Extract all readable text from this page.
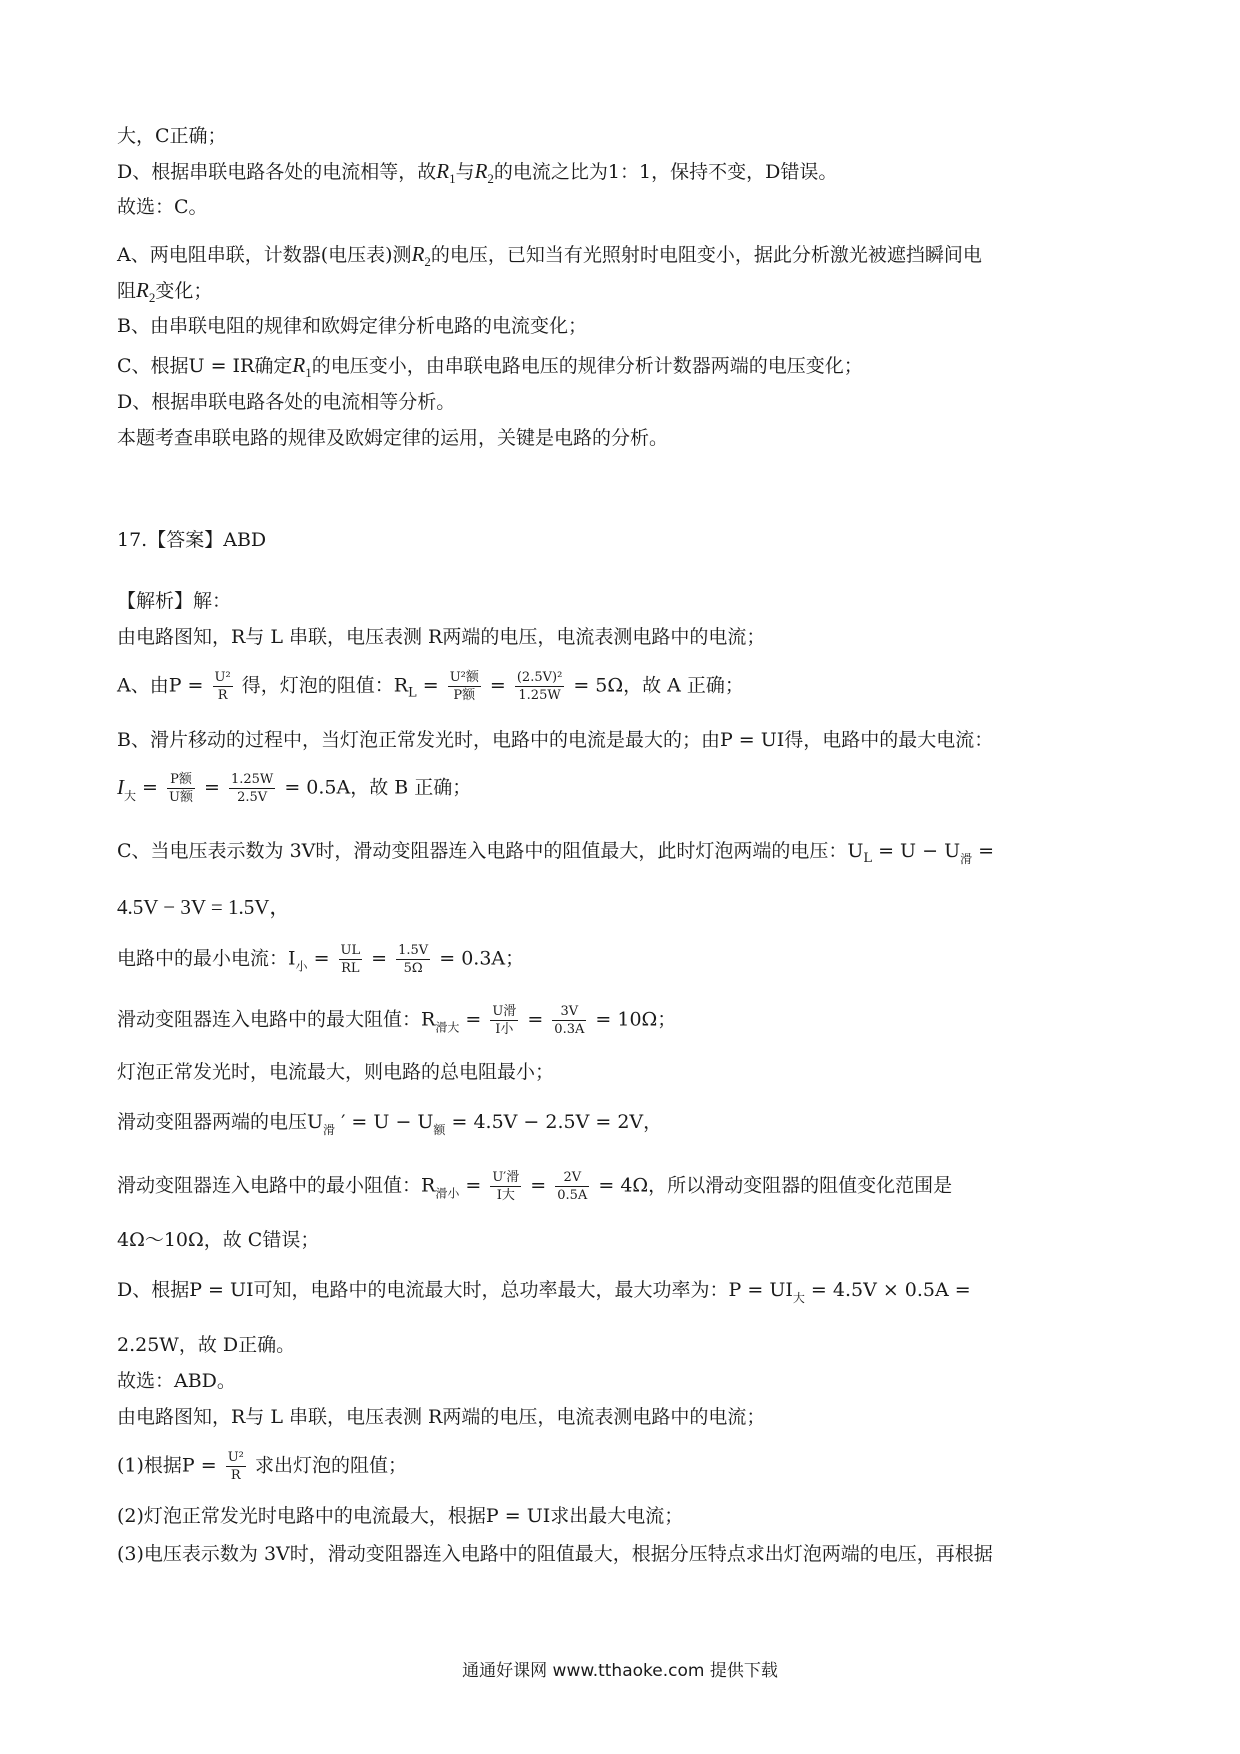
大，C正确；
D、根据串联电路各处的电流相等，故$R_1$与$R_2$的电流之比为1：1，保持不变，D错误。
故选：C。
A、两电阻串联，计数器(电压表)测$R_2$的电压，已知当有光照射时电阻变小，据此分析激光被遮挡瞬间电
阻$R_2$变化；
B、由串联电阻的规律和欧姆定律分析电路的电流变化；
C、根据U = IR确定$R_1$的电压变小，由串联电路电压的规律分析计数器两端的电压变化；
D、根据串联电路各处的电流相等分析。
本题考查串联电路的规律及欧姆定律的运用，关键是电路的分析。
17.【答案】ABD
【解析】解：
由电路图知，R与 L 串联，电压表测 R两端的电压，电流表测电路中的电流；
A、由$P = \frac{\text{U²}}{R}$ 得，灯泡的阻值：$R_L = \frac{\text{U²额}}{\text{P额}} = \frac{\text{(2.5V)²}}{1.25W} = 5\Omega$，故 A 正确；
B、滑片移动的过程中，当灯泡正常发光时，电路中的电流是最大的；由P = UI得，电路中的最大电流：
$I_大 = \frac{\text{P额}}{\text{U额}} = \frac{1.25W}{2.5V} = 0.5A$，故 B 正确；
C、当电压表示数为 3V时，滑动变阻器连入电路中的阻值最大，此时灯泡两端的电压：$U_L = U - U_滑$ =
4.5V − 3V = 1.5V，
电路中的最小电流：$I_小 = \frac{UL}{RL} = \frac{1.5V}{5\Omega} = 0.3A$；
滑动变阻器连入电路中的最大阻值：$R_{滑大} = \frac{\text{U滑}}{\text{I小}} = \frac{3V}{0.3A} = 10\Omega$；
灯泡正常发光时，电流最大，则电路的总电阻最小；
滑动变阻器两端的电压$U_滑$ ′ = $U - U_额 = 4.5V - 2.5V = 2V$，
滑动变阻器连入电路中的最小阻值：$R_{滑小} = \frac{\text{U′滑}}{\text{I大}} = \frac{2V}{0.5A} = 4\Omega$，所以滑动变阻器的阻值变化范围是
4Ω～10Ω，故 C错误；
D、根据P = UI可知，电路中的电流最大时，总功率最大，最大功率为：$P = UI_大 = 4.5V \times 0.5A$ =
2.25W，故 D正确。
故选：ABD。
由电路图知，R与 L 串联，电压表测 R两端的电压，电流表测电路中的电流；
(1)根据$P = \frac{\text{U²}}{R}$ 求出灯泡的阻值；
(2)灯泡正常发光时电路中的电流最大，根据P = UI求出最大电流；
(3)电压表示数为 3V时，滑动变阻器连入电路中的阻值最大，根据分压特点求出灯泡两端的电压，再根据
通通好课网 www.tthaoke.com 提供下载
